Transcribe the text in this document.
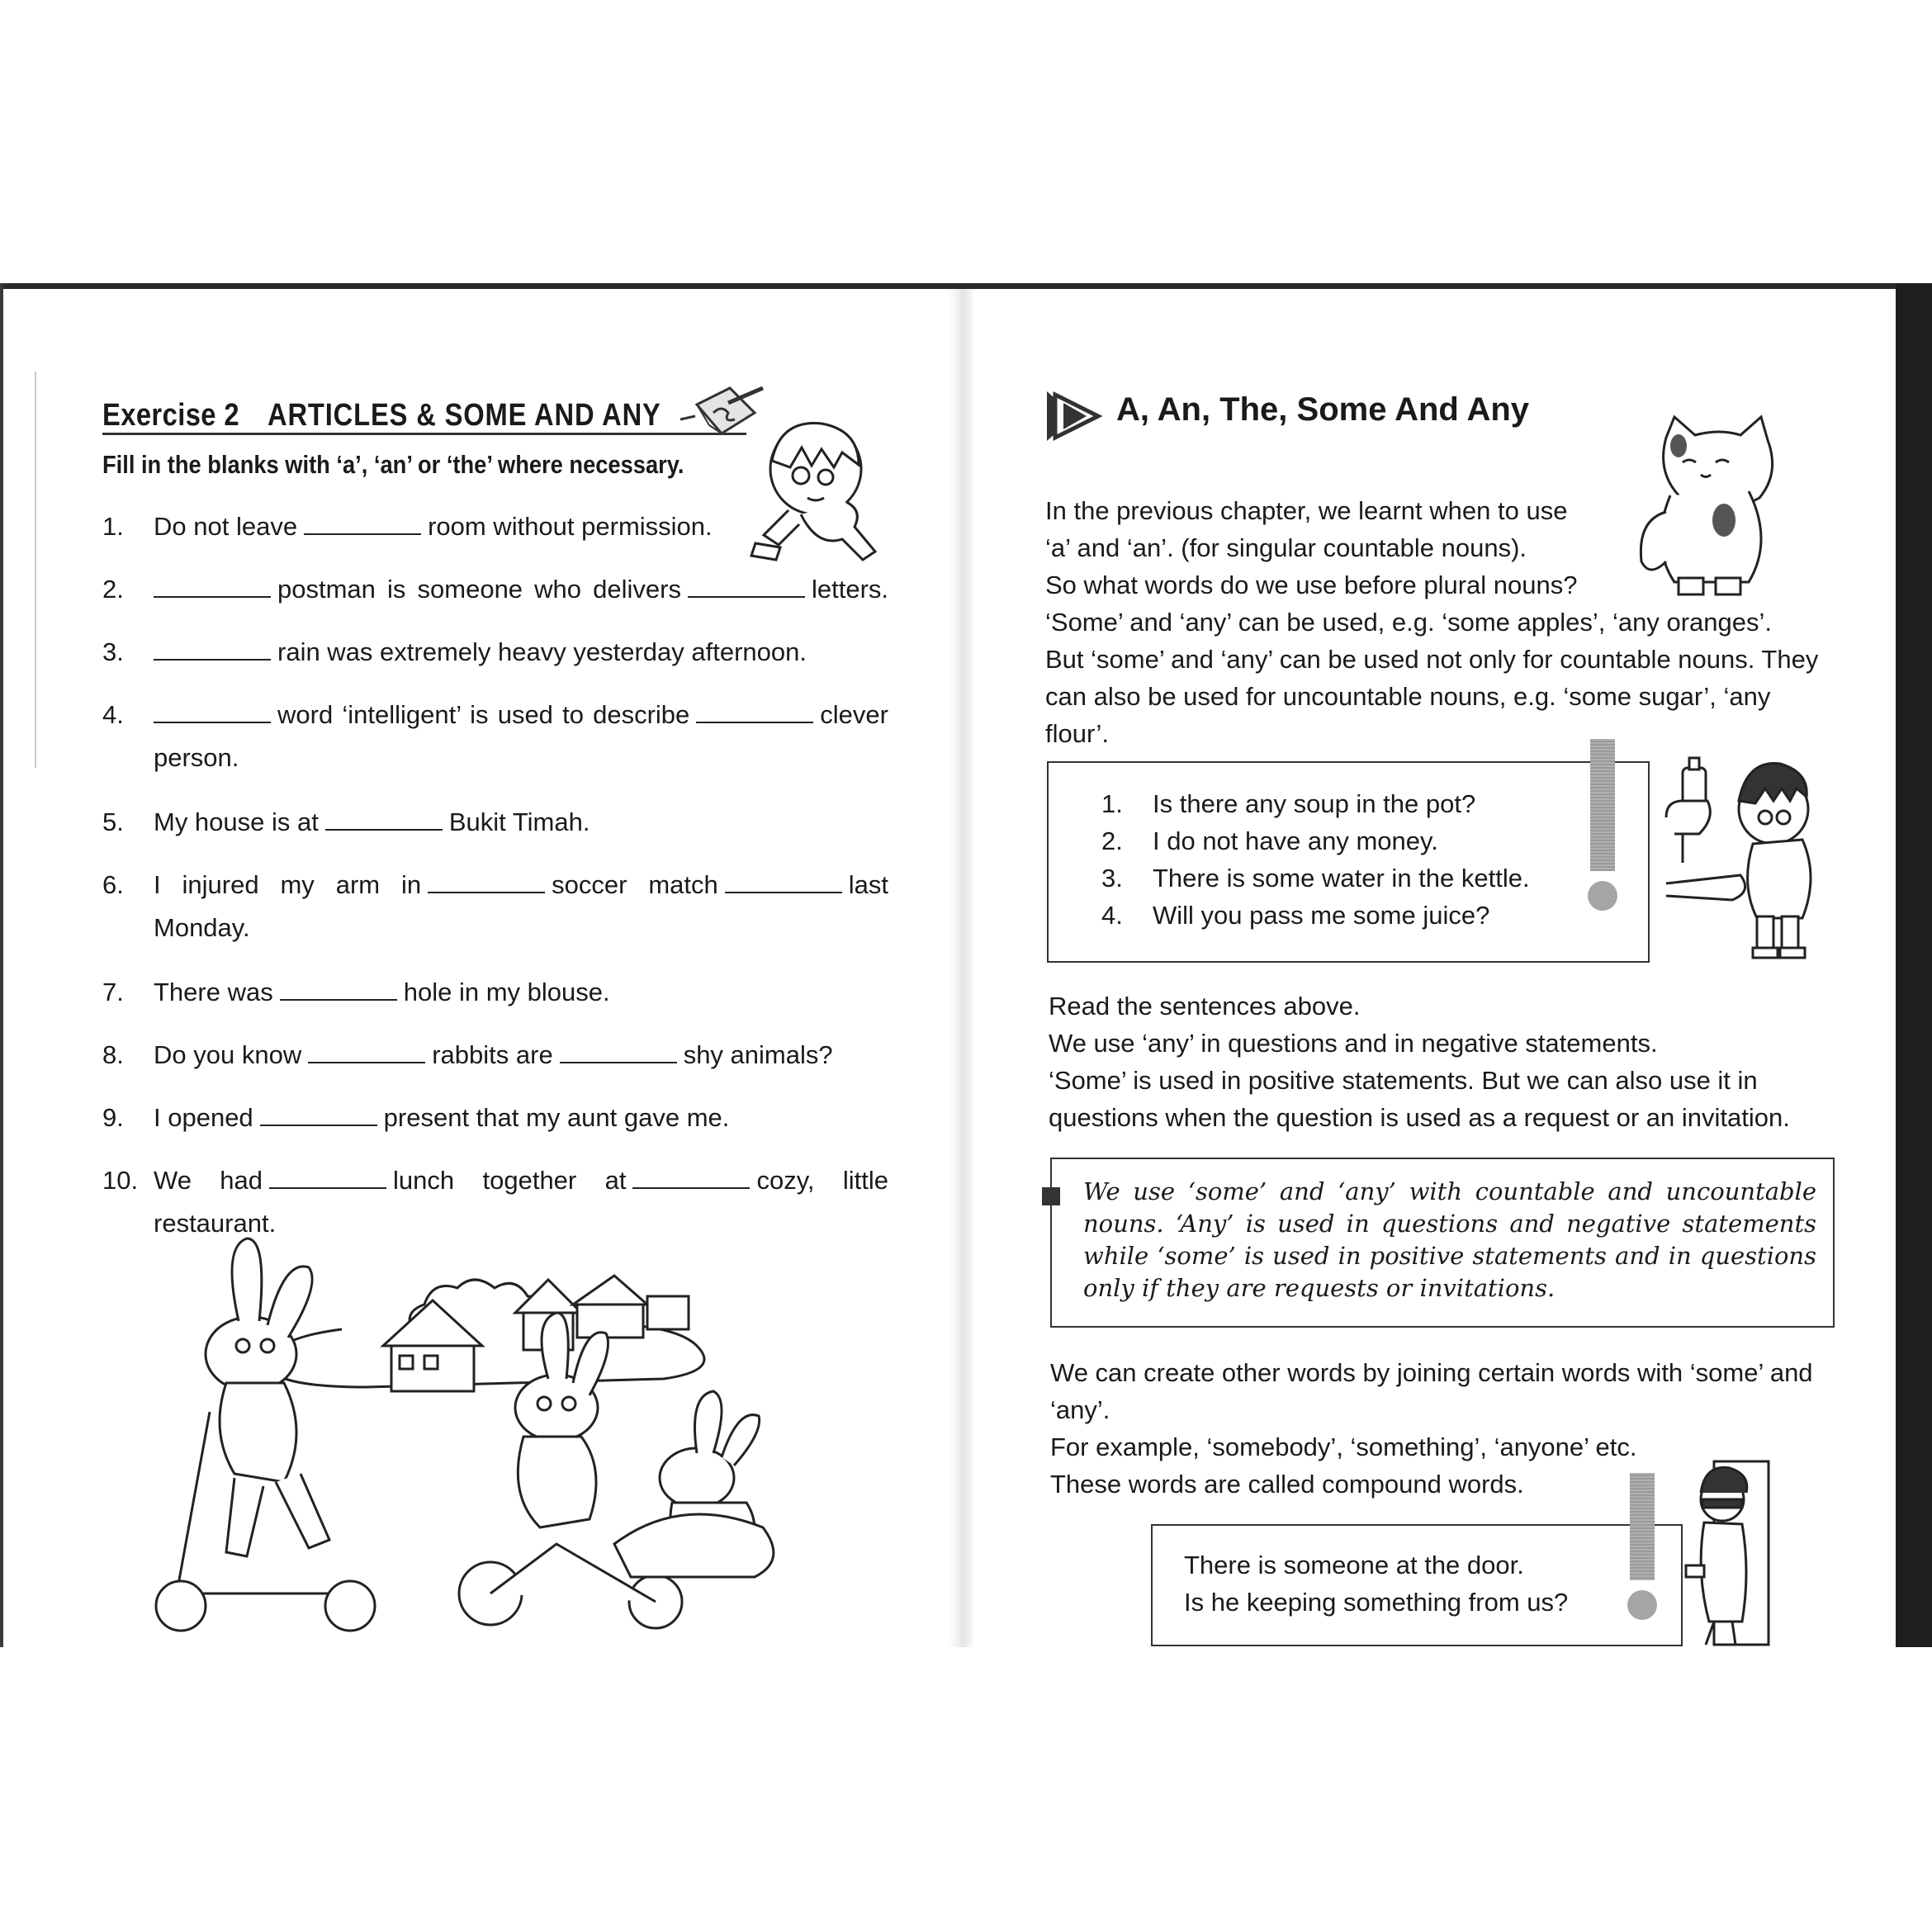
Exercise 2 ARTICLES & SOME AND ANY
Fill in the blanks with ‘a’, ‘an’ or ‘the’ where necessary.
1. Do not leave	room without permission.
2.	postman is someone who delivers	letters.
3.	rain was extremely heavy yesterday afternoon.
4.	word ‘intelligent’ is used to describe	clever
person.
5. My house is at	Bukit Timah.
6. I injured my arm in	soccer match	last
Monday.
7. There was	hole in my blouse.
8. Do you know	rabbits are	shy animals?
9. I opened	present that my aunt gave me.
10. We had	lunch together at	cozy, little
restaurant.
A, An, The, Some And Any
In the previous chapter, we learnt when to use
‘a’ and ‘an’. (for singular countable nouns).
So what words do we use before plural nouns?
‘Some’ and ‘any’ can be used, e.g. ‘some apples’, ‘any oranges’.
But ‘some’ and ‘any’ can be used not only for countable nouns. They
can also be used for uncountable nouns, e.g. ‘some sugar’, ‘any
flour’.
1. Is there any soup in the pot?
2. I do not have any money.
3. There is some water in the kettle.
4. Will you pass me some juice?
Read the sentences above.
We use ‘any’ in questions and in negative statements.
‘Some’ is used in positive statements. But we can also use it in
questions when the question is used as a request or an invitation.
We use ‘some’ and ‘any’ with countable and uncountable nouns. ‘Any’ is used in questions and negative statements while ‘some’ is used in positive statements and in questions only if they are requests or invitations.
We can create other words by joining certain words with ‘some’ and
‘any’.
For example, ‘somebody’, ‘something’, ‘anyone’ etc.
These words are called compound words.
There is someone at the door.
Is he keeping something from us?
